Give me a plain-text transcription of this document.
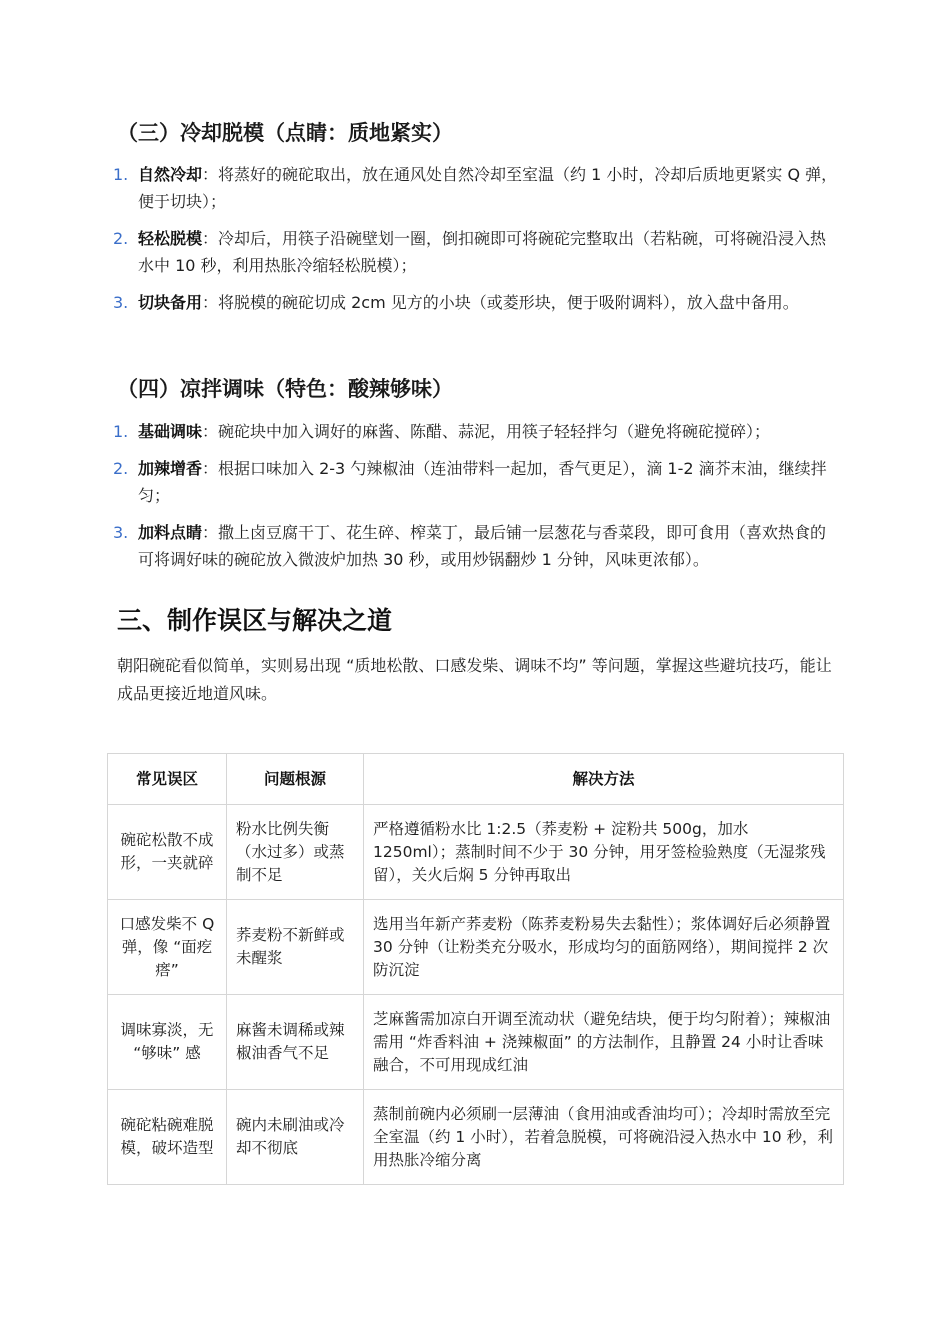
（三）冷却脱模（点睛：质地紧实）
1. 自然冷却：将蒸好的碗砣取出，放在通风处自然冷却至室温（约 1 小时，冷却后质地更紧实 Q 弹，便于切块）；
2. 轻松脱模：冷却后，用筷子沿碗壁划一圈，倒扣碗即可将碗砣完整取出（若粘碗，可将碗沿浸入热水中 10 秒，利用热胀冷缩轻松脱模）；
3. 切块备用：将脱模的碗砣切成 2cm 见方的小块（或菱形块，便于吸附调料），放入盘中备用。
（四）凉拌调味（特色：酸辣够味）
1. 基础调味：碗砣块中加入调好的麻酱、陈醋、蒜泥，用筷子轻轻拌匀（避免将碗砣搅碎）；
2. 加辣增香：根据口味加入 2-3 勺辣椒油（连油带料一起加，香气更足），滴 1-2 滴芥末油，继续拌匀；
3. 加料点睛：撒上卤豆腐干丁、花生碎、榨菜丁，最后铺一层葱花与香菜段，即可食用（喜欢热食的可将调好味的碗砣放入微波炉加热 30 秒，或用炒锅翻炒 1 分钟，风味更浓郁）。
三、制作误区与解决之道

朝阳碗砣看似简单，实则易出现 “质地松散、口感发柴、调味不均” 等问题，掌握这些避坑技巧，能让成品更接近地道风味。

常见误区	问题根源	解决方法
碗砣松散不成形，一夹就碎	粉水比例失衡（水过多）或蒸制不足	严格遵循粉水比 1:2.5（荞麦粉 + 淀粉共 500g，加水 1250ml）；蒸制时间不少于 30 分钟，用牙签检验熟度（无湿浆残留），关火后焖 5 分钟再取出
口感发柴不 Q 弹，像 “面疙瘩”	荞麦粉不新鲜或未醒浆	选用当年新产荞麦粉（陈荞麦粉易失去黏性）；浆体调好后必须静置 30 分钟（让粉类充分吸水，形成均匀的面筋网络），期间搅拌 2 次防沉淀
调味寡淡，无 “够味” 感	麻酱未调稀或辣椒油香气不足	芝麻酱需加凉白开调至流动状（避免结块，便于均匀附着）；辣椒油需用 “炸香料油 + 浇辣椒面” 的方法制作，且静置 24 小时让香味融合，不可用现成红油
碗砣粘碗难脱模，破坏造型	碗内未刷油或冷却不彻底	蒸制前碗内必须刷一层薄油（食用油或香油均可）；冷却时需放至完全室温（约 1 小时），若着急脱模，可将碗沿浸入热水中 10 秒，利用热胀冷缩分离
